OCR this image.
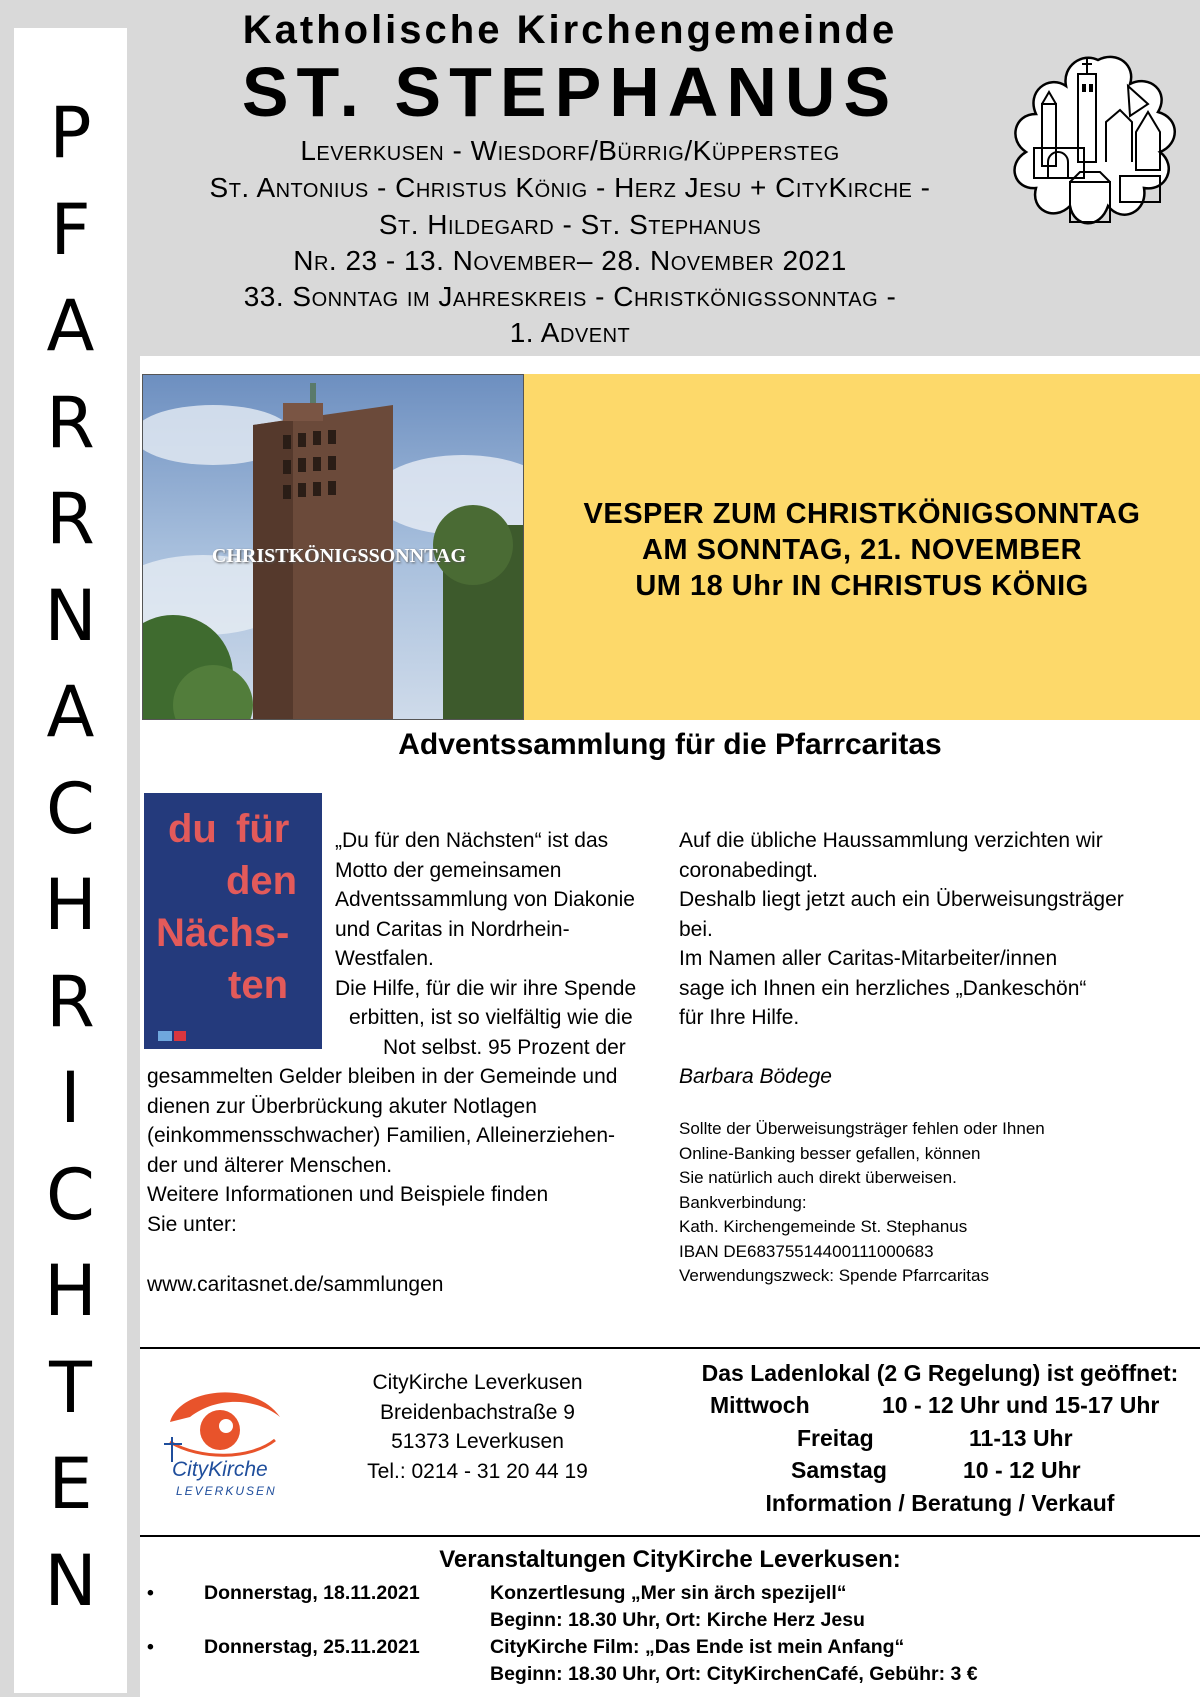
P
F
A
R
R
N
A
C
H
R
I
C
H
T
E
N
Katholische Kirchengemeinde
ST. STEPHANUS
Leverkusen - Wiesdorf/Bürrig/Küppersteg
St. Antonius - Christus König - Herz Jesu + CityKirche -
St. Hildegard - St. Stephanus
Nr. 23 - 13. November– 28. November 2021
33. Sonntag im Jahreskreis - Christkönigssonntag -
1. Advent
CHRISTKÖNIGSSONNTAG
VESPER ZUM CHRISTKÖNIGSONNTAG
AM SONNTAG, 21. NOVEMBER
UM 18 Uhr IN CHRISTUS KÖNIG
Adventssammlung für die Pfarrcaritas
du für
den
Nächs-
ten
„Du für den Nächsten“ ist das
Motto der gemeinsamen
Adventssammlung von Diakonie
und Caritas in Nordrhein-
Westfalen.
Die Hilfe, für die wir ihre Spende
erbitten, ist so vielfältig wie die
Not selbst. 95 Prozent der
gesammelten Gelder bleiben in der Gemeinde und
dienen zur Überbrückung akuter Notlagen
(einkommensschwacher) Familien, Alleinerziehen-
der und älterer Menschen.
Weitere Informationen und Beispiele finden
Sie unter:
www.caritasnet.de/sammlungen
Auf die übliche Haussammlung verzichten wir
coronabedingt.
Deshalb liegt jetzt auch ein Überweisungsträger
bei.
Im Namen aller Caritas-Mitarbeiter/innen
sage ich Ihnen ein herzliches „Dankeschön“
für Ihre Hilfe.
Barbara Bödege
Sollte der Überweisungsträger fehlen oder Ihnen
Online-Banking besser gefallen, können
Sie natürlich auch direkt überweisen.
Bankverbindung:
Kath. Kirchengemeinde St. Stephanus
IBAN DE68375514400111000683
Verwendungszweck: Spende Pfarrcaritas
CityKirche
LEVERKUSEN
CityKirche Leverkusen
Breidenbachstraße 9
51373 Leverkusen
Tel.: 0214 - 31 20 44 19
Das Ladenlokal (2 G Regelung) ist geöffnet:
Mittwoch	10 - 12 Uhr und 15-17 Uhr
Freitag	11-13 Uhr
Samstag	10 - 12 Uhr
Information / Beratung / Verkauf
Veranstaltungen CityKirche Leverkusen:
•	Donnerstag, 18.11.2021	Konzertlesung „Mer sin ärch spezijell“
Beginn: 18.30 Uhr, Ort: Kirche Herz Jesu
•	Donnerstag, 25.11.2021	CityKirche Film: „Das Ende ist mein Anfang“
Beginn: 18.30 Uhr, Ort: CityKirchenCafé, Gebühr: 3 €
